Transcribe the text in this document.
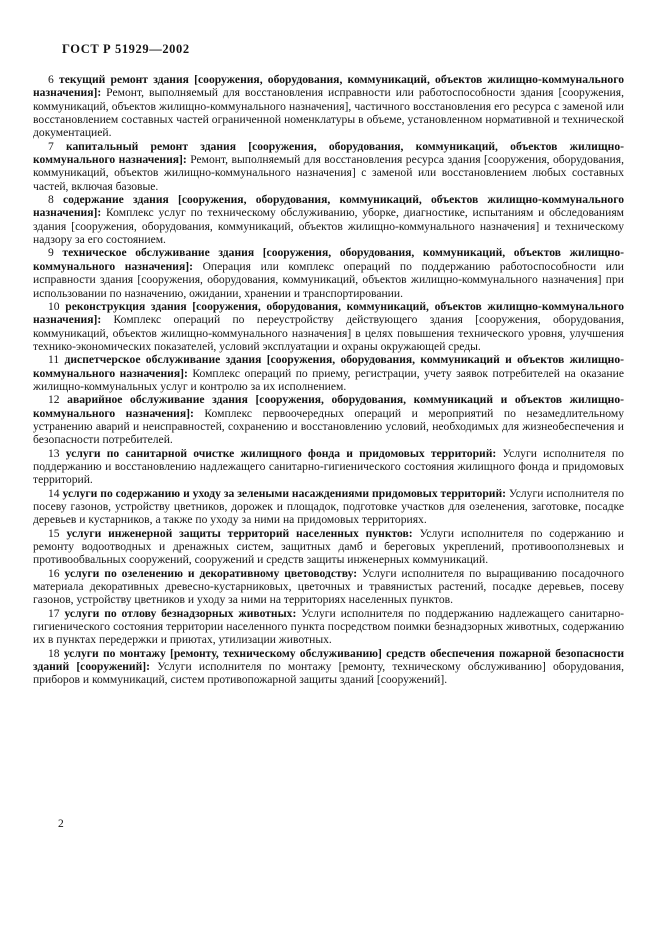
ГОСТ Р 51929—2002

6 текущий ремонт здания [сооружения, оборудования, коммуникаций, объектов жилищно-коммунального назначения]: Ремонт, выполняемый для восстановления исправности или работоспособности здания [сооружения, коммуникаций, объектов жилищно-коммунального назначения], частичного восстановления его ресурса с заменой или восстановлением составных частей ограниченной номенклатуры в объеме, установленном нормативной и технической документацией.

7 капитальный ремонт здания [сооружения, оборудования, коммуникаций, объектов жилищно-коммунального назначения]: Ремонт, выполняемый для восстановления ресурса здания [сооружения, оборудования, коммуникаций, объектов жилищно-коммунального назначения] с заменой или восстановлением любых составных частей, включая базовые.

8 содержание здания [сооружения, оборудования, коммуникаций, объектов жилищно-коммунального назначения]: Комплекс услуг по техническому обслуживанию, уборке, диагностике, испытаниям и обследованиям здания [сооружения, оборудования, коммуникаций, объектов жилищно-коммунального назначения] и техническому надзору за его состоянием.

9 техническое обслуживание здания [сооружения, оборудования, коммуникаций, объектов жилищно-коммунального назначения]: Операция или комплекс операций по поддержанию работоспособности или исправности здания [сооружения, оборудования, коммуникаций, объектов жилищно-коммунального назначения] при использовании по назначению, ожидании, хранении и транспортировании.

10 реконструкция здания [сооружения, оборудования, коммуникаций, объектов жилищно-коммунального назначения]: Комплекс операций по переустройству действующего здания [сооружения, оборудования, коммуникаций, объектов жилищно-коммунального назначения] в целях повышения технического уровня, улучшения технико-экономических показателей, условий эксплуатации и охраны окружающей среды.

11 диспетчерское обслуживание здания [сооружения, оборудования, коммуникаций и объектов жилищно-коммунального назначения]: Комплекс операций по приему, регистрации, учету заявок потребителей на оказание жилищно-коммунальных услуг и контролю за их исполнением.

12 аварийное обслуживание здания [сооружения, оборудования, коммуникаций и объектов жилищно-коммунального назначения]: Комплекс первоочередных операций и мероприятий по незамедлительному устранению аварий и неисправностей, сохранению и восстановлению условий, необходимых для жизнеобеспечения и безопасности потребителей.

13 услуги по санитарной очистке жилищного фонда и придомовых территорий: Услуги исполнителя по поддержанию и восстановлению надлежащего санитарно-гигиенического состояния жилищного фонда и придомовых территорий.

14 услуги по содержанию и уходу за зелеными насаждениями придомовых территорий: Услуги исполнителя по посеву газонов, устройству цветников, дорожек и площадок, подготовке участков для озеленения, заготовке, посадке деревьев и кустарников, а также по уходу за ними на придомовых территориях.

15 услуги инженерной защиты территорий населенных пунктов: Услуги исполнителя по содержанию и ремонту водоотводных и дренажных систем, защитных дамб и береговых укреплений, противооползневых и противообвальных сооружений, сооружений и средств защиты инженерных коммуникаций.

16 услуги по озеленению и декоративному цветоводству: Услуги исполнителя по выращиванию посадочного материала декоративных древесно-кустарниковых, цветочных и травянистых растений, посадке деревьев, посеву газонов, устройству цветников и уходу за ними на территориях населенных пунктов.

17 услуги по отлову безнадзорных животных: Услуги исполнителя по поддержанию надлежащего санитарно-гигиенического состояния территории населенного пункта посредством поимки безнадзорных животных, содержанию их в пунктах передержки и приютах, утилизации животных.

18 услуги по монтажу [ремонту, техническому обслуживанию] средств обеспечения пожарной безопасности зданий [сооружений]: Услуги исполнителя по монтажу [ремонту, техническому обслуживанию] оборудования, приборов и коммуникаций, систем противопожарной защиты зданий [сооружений].

2
